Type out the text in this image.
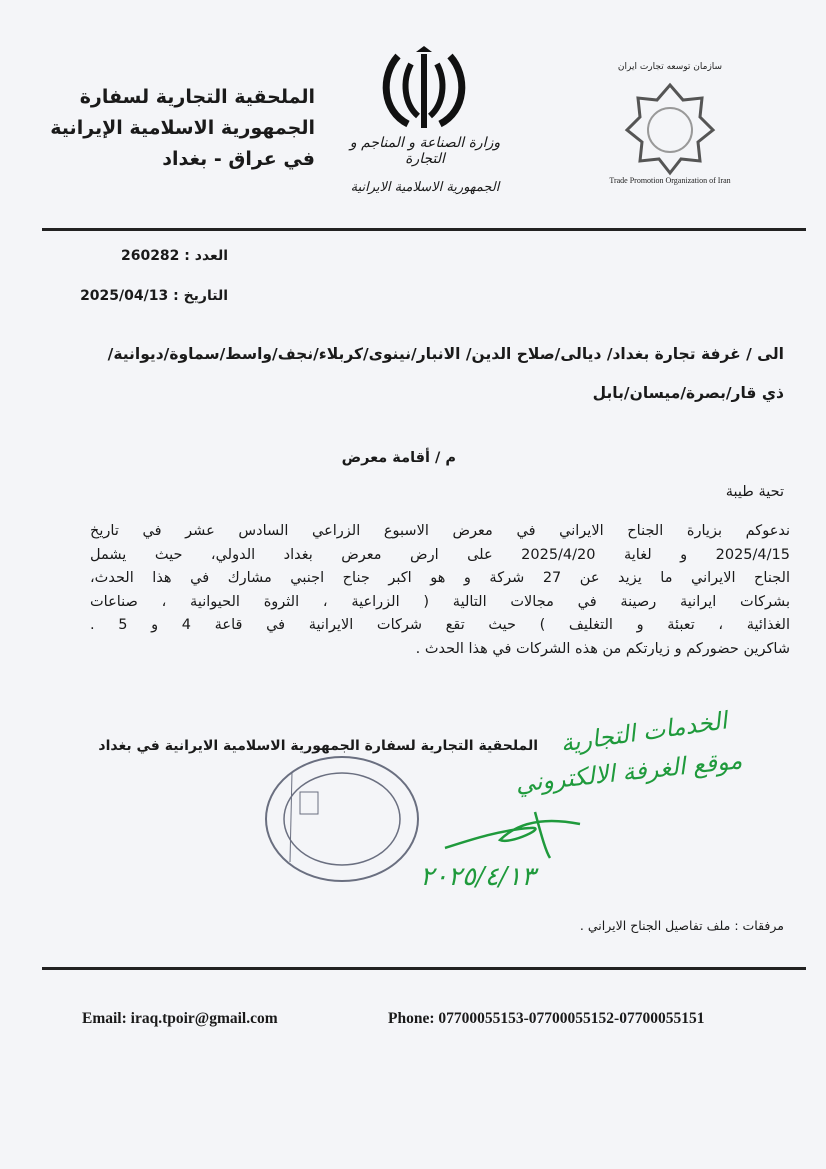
الملحقية التجارية لسفارة
الجمهورية الاسلامية الإيرانية
في عراق - بغداد
وزارة الصناعة و المناجم و التجارة
الجمهورية الاسلامية الايرانية
سازمان توسعه تجارت ایران
Trade Promotion Organization of Iran
العدد : 260282
التاريخ : 2025/04/13
الى / غرفة تجارة بغداد/ ديالى/صلاح الدين/ الانبار/نينوى/كربلاء/نجف/واسط/سماوة/ديوانية/
ذي قار/بصرة/ميسان/بابل
م / أقامة معرض
تحية طيبة
ندعوكم بزيارة الجناح الايراني في معرض الاسبوع الزراعي السادس عشر في تاريخ
2025/4/15 و لغاية 2025/4/20 على ارض معرض بغداد الدولي، حيث يشمل
الجناح الايراني ما يزيد عن 27 شركة و هو اكبر جناح اجنبي مشارك في هذا الحدث،
بشركات ايرانية رصينة في مجالات التالية ( الزراعية ، الثروة الحيوانية ، صناعات
الغذائية ، تعبئة و التغليف ) حيث تقع شركات الايرانية في قاعة 4 و 5 .
شاكرين حضوركم و زيارتكم من هذه الشركات في هذا الحدث .
الملحقية التجارية لسفارة الجمهورية الاسلامية الايرانية في بغداد الخدمات التجارية
موقع الغرفة الالكتروني
٢٠٢٥/٤/١٣
مرفقات : ملف تفاصيل الجناح الايراني .
Email: iraq.tpoir@gmail.com	Phone: 07700055153-07700055152-07700055151
